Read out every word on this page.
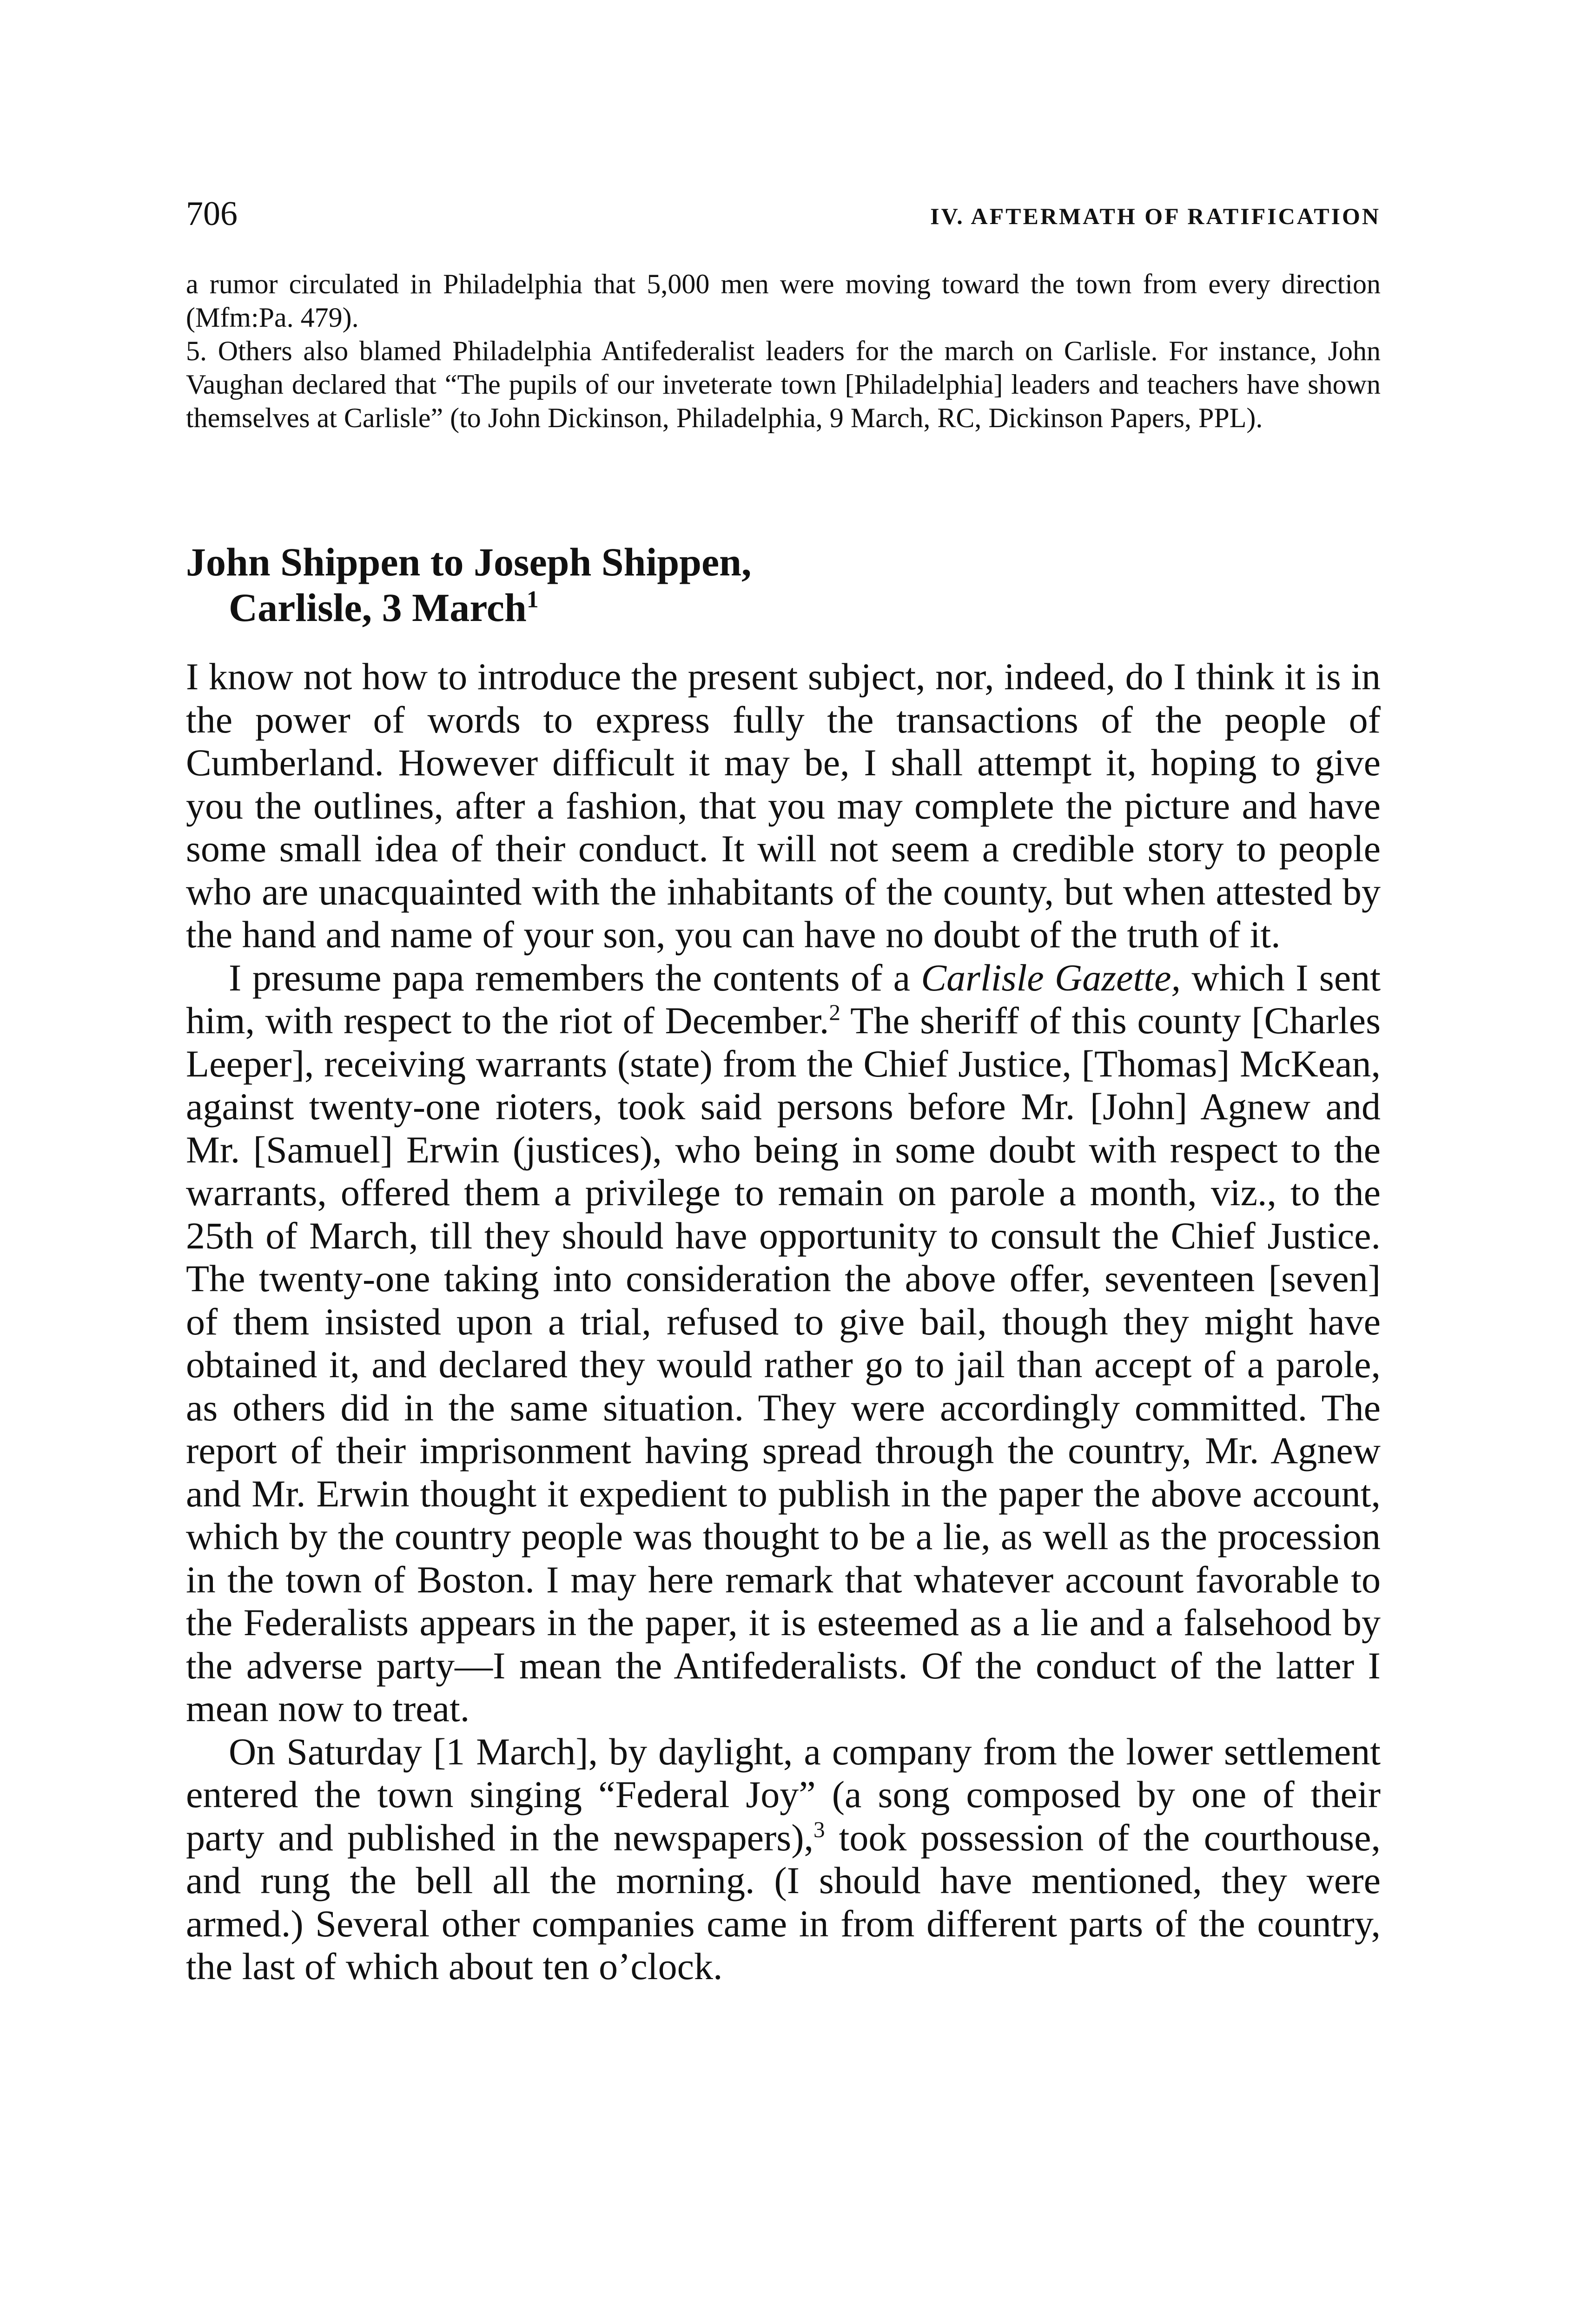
706	IV. AFTERMATH OF RATIFICATION

a rumor circulated in Philadelphia that 5,000 men were moving toward the town from every direction (Mfm:Pa. 479).

5. Others also blamed Philadelphia Antifederalist leaders for the march on Carlisle. For instance, John Vaughan declared that “The pupils of our inveterate town [Philadelphia] leaders and teachers have shown themselves at Carlisle” (to John Dickinson, Philadelphia, 9 March, RC, Dickinson Papers, PPL).

John Shippen to Joseph Shippen,
Carlisle, 3 March$^1$

I know not how to introduce the present subject, nor, indeed, do I think it is in the power of words to express fully the transactions of the people of Cumberland. However difficult it may be, I shall attempt it, hoping to give you the outlines, after a fashion, that you may complete the picture and have some small idea of their conduct. It will not seem a credible story to people who are unacquainted with the inhabitants of the county, but when attested by the hand and name of your son, you can have no doubt of the truth of it.

I presume papa remembers the contents of a Carlisle Gazette, which I sent him, with respect to the riot of December.$^2$ The sheriff of this county [Charles Leeper], receiving warrants (state) from the Chief Justice, [Thomas] McKean, against twenty-one rioters, took said persons before Mr. [John] Agnew and Mr. [Samuel] Erwin (justices), who being in some doubt with respect to the warrants, offered them a privilege to remain on parole a month, viz., to the 25th of March, till they should have opportunity to consult the Chief Justice. The twenty-one taking into consideration the above offer, seventeen [seven] of them insisted upon a trial, refused to give bail, though they might have obtained it, and declared they would rather go to jail than accept of a parole, as others did in the same situation. They were accordingly committed. The report of their imprisonment having spread through the country, Mr. Agnew and Mr. Erwin thought it expedient to publish in the paper the above account, which by the country people was thought to be a lie, as well as the procession in the town of Boston. I may here remark that whatever account favorable to the Federalists appears in the paper, it is esteemed as a lie and a falsehood by the adverse party—I mean the Antifederalists. Of the conduct of the latter I mean now to treat.

On Saturday [1 March], by daylight, a company from the lower settlement entered the town singing “Federal Joy” (a song composed by one of their party and published in the newspapers),$^3$ took possession of the courthouse, and rung the bell all the morning. (I should have mentioned, they were armed.) Several other companies came in from different parts of the country, the last of which about ten o’clock.
